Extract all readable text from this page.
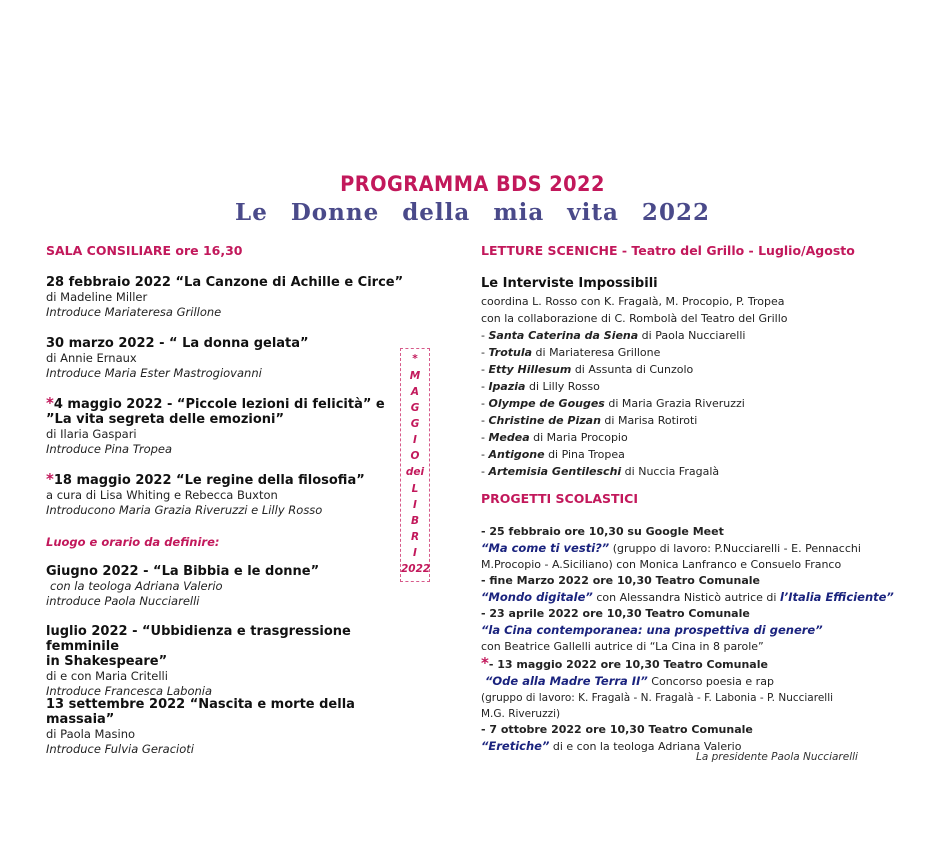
PROGRAMMA BDS 2022
Le Donne della mia vita 2022
SALA CONSILIARE ore 16,30
28 febbraio 2022 “La Canzone di Achille e Circe”
di Madeline Miller
Introduce Mariateresa Grillone
30 marzo 2022 - “ La donna gelata”
di Annie Ernaux
Introduce Maria Ester Mastrogiovanni
*4 maggio 2022 - “Piccole lezioni di felicità” e
”La vita segreta delle emozioni”
di Ilaria Gaspari
Introduce Pina Tropea
*18 maggio 2022 “Le regine della filosofia”
a cura di Lisa Whiting e Rebecca Buxton
Introducono Maria Grazia Riveruzzi e Lilly Rosso
Luogo e orario da definire:
Giugno 2022 - “La Bibbia e le donne”
con la teologa Adriana Valerio
introduce Paola Nucciarelli
luglio 2022 - “Ubbidienza e trasgressione femminile
in Shakespeare”
di e con Maria Critelli
Introduce Francesca Labonia
13 settembre 2022 “Nascita e morte della massaia”
di Paola Masino
Introduce Fulvia Geracioti
*
M
A
G
G
I
O
dei
L
I
B
R
I
2022
LETTURE SCENICHE - Teatro del Grillo - Luglio/Agosto
Le Interviste Impossibili
coordina L. Rosso con K. Fragalà, M. Procopio, P. Tropea
con la collaborazione di C. Rombolà del Teatro del Grillo
- Santa Caterina da Siena di Paola Nucciarelli
- Trotula di Mariateresa Grillone
- Etty Hillesum di Assunta di Cunzolo
- Ipazia di Lilly Rosso
- Olympe de Gouges di Maria Grazia Riveruzzi
- Christine de Pizan di Marisa Rotiroti
- Medea di Maria Procopio
- Antigone di Pina Tropea
- Artemisia Gentileschi di Nuccia Fragalà
PROGETTI SCOLASTICI
- 25 febbraio ore 10,30 su Google Meet
“Ma come ti vesti?” (gruppo di lavoro: P.Nucciarelli - E. Pennacchi
M.Procopio - A.Siciliano) con Monica Lanfranco e Consuelo Franco
- fine Marzo 2022 ore 10,30 Teatro Comunale
“Mondo digitale” con Alessandra Nisticò autrice di l’Italia Efficiente”
- 23 aprile 2022 ore 10,30 Teatro Comunale
“la Cina contemporanea: una prospettiva di genere”
con Beatrice Gallelli autrice di “La Cina in 8 parole”
*- 13 maggio 2022 ore 10,30 Teatro Comunale
“Ode alla Madre Terra II” Concorso poesia e rap
(gruppo di lavoro: K. Fragalà - N. Fragalà - F. Labonia - P. Nucciarelli
M.G. Riveruzzi)
- 7 ottobre 2022 ore 10,30 Teatro Comunale
“Eretiche” di e con la teologa Adriana Valerio
La presidente Paola Nucciarelli
